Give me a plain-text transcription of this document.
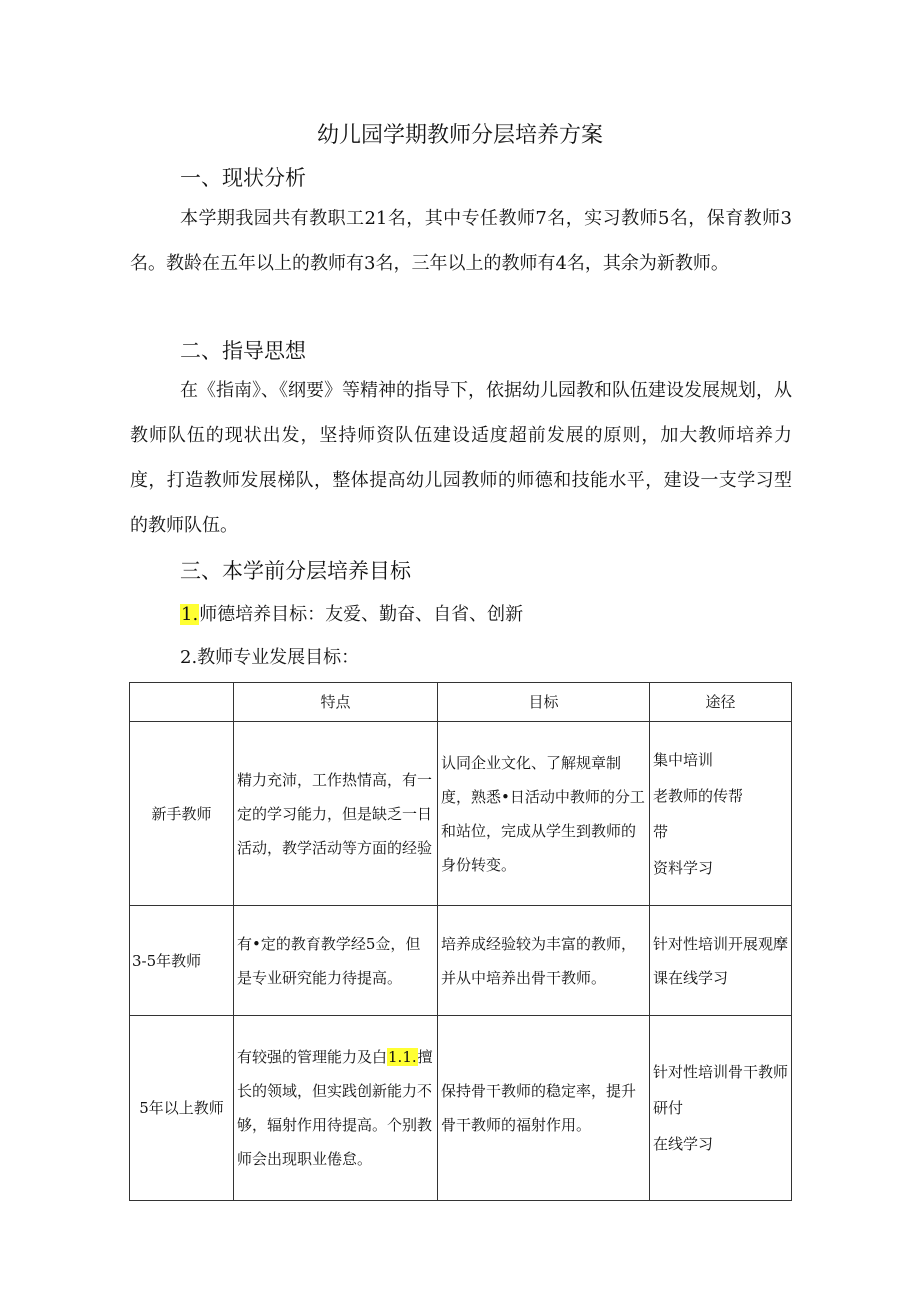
幼儿园学期教师分层培养方案
一、现状分析
本学期我园共有教职工21名，其中专任教师7名，实习教师5名，保育教师3名。教龄在五年以上的教师有3名，三年以上的教师有4名，其余为新教师。
二、指导思想
在《指南》、《纲要》等精神的指导下，依据幼儿园教和队伍建设发展规划，从教师队伍的现状出发，坚持师资队伍建设适度超前发展的原则，加大教师培养力度，打造教师发展梯队，整体提高幼儿园教师的师德和技能水平，建设一支学习型的教师队伍。
三、本学前分层培养目标
1.师德培养目标：友爱、勤奋、自省、创新
2.教师专业发展目标：
	特点	目标	途径
新手教师	精力充沛，工作热情高，有一定的学习能力，但是缺乏一日活动，教学活动等方面的经验	认同企业文化、了解规章制度，熟悉•日活动中教师的分工和站位，完成从学生到教师的身份转变。	集中培训
老教师的传帮
带
资料学习

3-5年教师	有•定的教育教学经5佥，但是专业研究能力待提高。	培养成经验较为丰富的教师，并从中培养出骨干教师。	针对性培训开展观摩课在线学习
5年以上教师	有较强的管理能力及白1.1.擅长的领域，但实践创新能力不够，辐射作用待提高。个别教师会出现职业倦怠。	保持骨干教师的稳定率，提升骨干教师的福射作用。	针对性培训骨干教师研付
在线学习
